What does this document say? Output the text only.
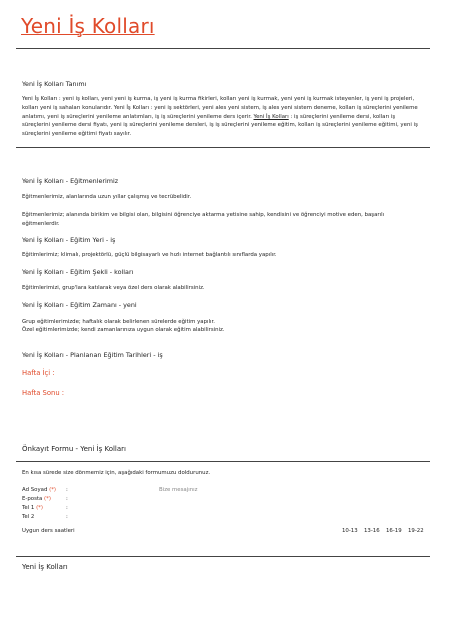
Yeni İş Kolları
Yeni İş Kolları Tanımı
Yeni İş Kolları : yeni iş kolları, yeni yeni iş kurma, iş yeni iş kurma fikirleri, kolları yeni iş kurmak, yeni yeni iş kurmak isteyenler, iş yeni iş projeleri, kolları yeni iş sahaları konularıdır. Yeni İş Kolları : yeni iş sektörleri, yeni ales yeni sistem, iş ales yeni sistem deneme, kolları iş süreçlerini yenileme anlatımı, yeni iş süreçlerini yenileme anlatımları, iş iş süreçlerini yenileme ders içerir. Yeni İş Kolları : iş süreçlerini yenileme dersi, kolları iş süreçlerini yenileme dersi fiyatı, yeni iş süreçlerini yenileme dersleri, iş iş süreçlerini yenileme eğitim, kolları iş süreçlerini yenileme eğitimi, yeni iş süreçlerini yenileme eğitimi fiyatı sayılır.
Yeni İş Kolları - Eğitmenlerimiz
Eğitmenlerimiz, alanlarında uzun yıllar çalışmış ve tecrübelidir.
Eğitmenlerimiz; alanında birikim ve bilgisi olan, bilgisini öğrenciye aktarma yetisine sahip, kendisini ve öğrenciyi motive eden, başarılı eğitmenlerdir.
Yeni İş Kolları - Eğitim Yeri - iş
Eğitimlerimiz; klimalı, projektörlü, güçlü bilgisayarlı ve hızlı internet bağlantılı sınıflarda yapılır.
Yeni İş Kolları - Eğitim Şekli - kolları
Eğitimlerimizi, grup'lara katılarak veya özel ders olarak alabilirsiniz.
Yeni İş Kolları - Eğitim Zamanı - yeni
Grup eğitimlerimizde; haftalık olarak belirlenen sürelerde eğitim yapılır.
Özel eğitimlerimizde; kendi zamanlarınıza uygun olarak eğitim alabilirsiniz.
Yeni İş Kolları - Planlanan Eğitim Tarihleri - iş
Hafta İçi :
Hafta Sonu :
Önkayıt Formu - Yeni İş Kolları
En kısa sürede size dönmemiz için, aşağıdaki formumuzu doldurunuz.
Ad Soyad (*)
E-posta (*)
Tel 1 (*)
Tel 2
:
:
:
:
Bize mesajınız
Uygun ders saatleri	10-13 13-16 16-19 19-22
Yeni İş Kolları
